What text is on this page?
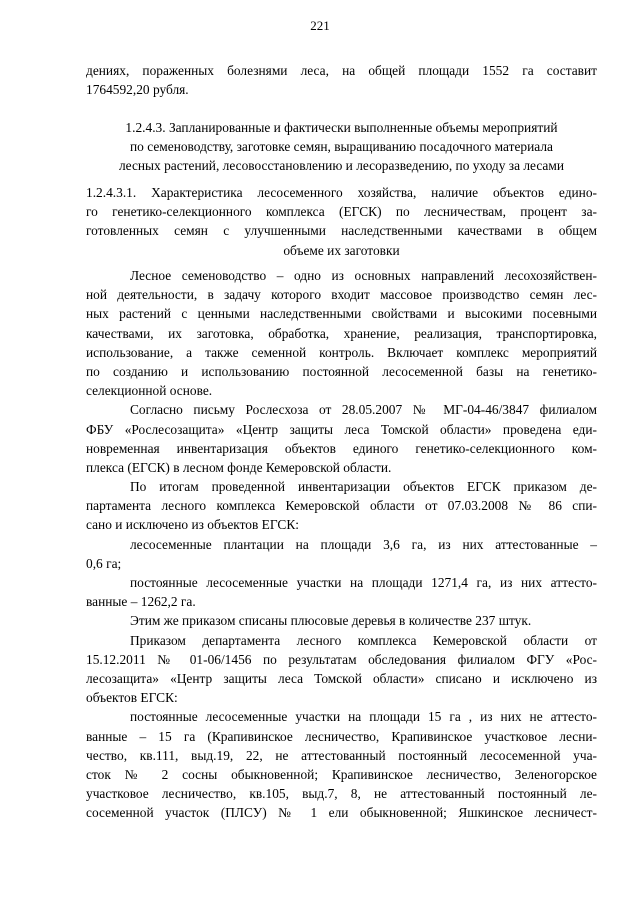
221
дениях, пораженных болезнями леса, на общей площади 1552 га составит
1764592,20 рубля.
1.2.4.3. Запланированные и фактически выполненные объемы мероприятий
по семеноводству, заготовке семян, выращиванию посадочного материала
лесных растений, лесовосстановлению и лесоразведению, по уходу за лесами
1.2.4.3.1. Характеристика лесосеменного хозяйства, наличие объектов едино-
го генетико-селекционного комплекса (ЕГСК) по лесничествам, процент за-
готовленных семян с улучшенными наследственными качествами в общем
объеме их заготовки
Лесное семеноводство – одно из основных направлений лесохозяйствен-
ной деятельности, в задачу которого входит массовое производство семян лес-
ных растений с ценными наследственными свойствами и высокими посевными
качествами, их заготовка, обработка, хранение, реализация, транспортировка,
использование, а также семенной контроль. Включает комплекс мероприятий
по созданию и использованию постоянной лесосеменной базы на генетико-
селекционной основе.
Согласно письму Рослесхоза от 28.05.2007 № МГ-04-46/3847 филиалом
ФБУ «Рослесозащита» «Центр защиты леса Томской области» проведена еди-
новременная инвентаризация объектов единого генетико-селекционного ком-
плекса (ЕГСК) в лесном фонде Кемеровской области.
По итогам проведенной инвентаризации объектов ЕГСК приказом де-
партамента лесного комплекса Кемеровской области от 07.03.2008 № 86 спи-
сано и исключено из объектов ЕГСК:
лесосеменные плантации на площади 3,6 га, из них аттестованные –
0,6 га;
постоянные лесосеменные участки на площади 1271,4 га, из них аттесто-
ванные – 1262,2 га.
Этим же приказом списаны плюсовые деревья в количестве 237 штук.
Приказом департамента лесного комплекса Кемеровской области от
15.12.2011 № 01-06/1456 по результатам обследования филиалом ФГУ «Рос-
лесозащита» «Центр защиты леса Томской области» списано и исключено из
объектов ЕГСК:
постоянные лесосеменные участки на площади 15 га , из них не аттесто-
ванные – 15 га (Крапивинское лесничество, Крапивинское участковое лесни-
чество, кв.111, выд.19, 22, не аттестованный постоянный лесосеменной уча-
сток № 2 сосны обыкновенной; Крапивинское лесничество, Зеленогорское
участковое лесничество, кв.105, выд.7, 8, не аттестованный постоянный ле-
сосеменной участок (ПЛСУ) № 1 ели обыкновенной; Яшкинское лесничест-
